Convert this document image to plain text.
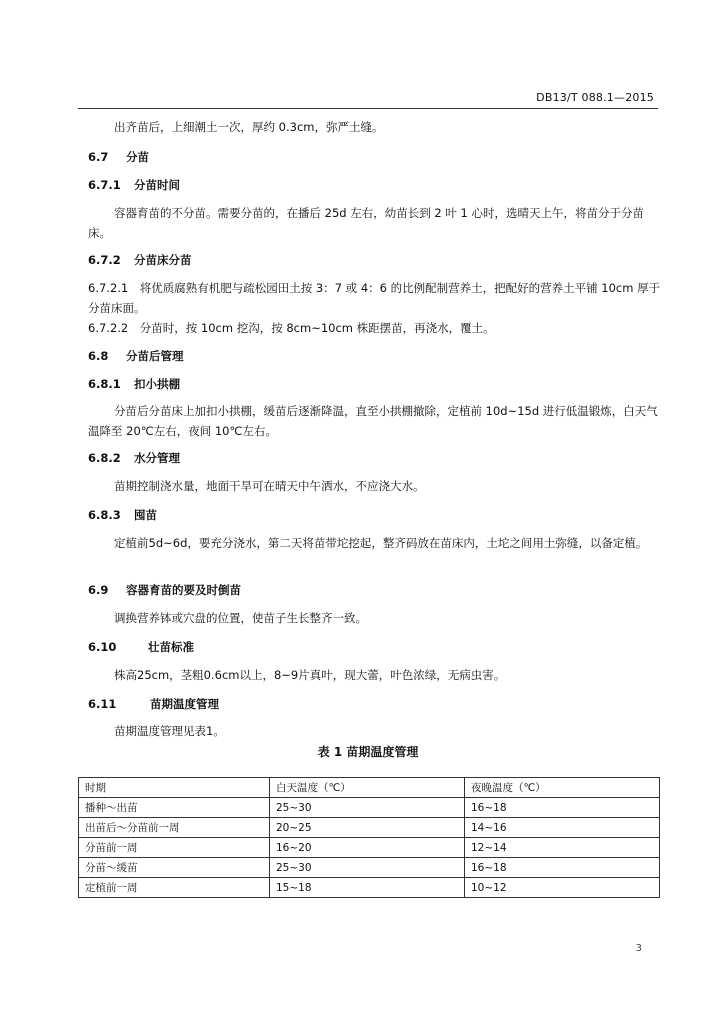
DB13/T 088.1—2015
出齐苗后，上细潮土一次，厚约 0.3cm，弥严土缝。
6.7 分苗
6.7.1 分苗时间
容器育苗的不分苗。需要分苗的，在播后 25d 左右，幼苗长到 2 叶 1 心时，选晴天上午，将苗分于分苗床。
6.7.2 分苗床分苗
6.7.2.1　将优质腐熟有机肥与疏松园田土按 3：7 或 4：6 的比例配制营养土，把配好的营养土平铺 10cm 厚于分苗床面。
6.7.2.2　分苗时，按 10cm 挖沟，按 8cm~10cm 株距摆苗，再浇水，覆土。
6.8 分苗后管理
6.8.1 扣小拱棚
分苗后分苗床上加扣小拱棚，缓苗后逐渐降温，直至小拱棚撤除，定植前 10d~15d 进行低温锻炼，白天气温降至 20℃左右，夜间 10℃左右。
6.8.2 水分管理
苗期控制浇水量，地面干旱可在晴天中午洒水，不应浇大水。
6.8.3 囤苗
定植前5d~6d，要充分浇水，第二天将苗带坨挖起，整齐码放在苗床内，土坨之间用土弥缝，以备定植。
6.9 容器育苗的要及时倒苗
调换营养钵或穴盘的位置，使苗子生长整齐一致。
6.10	壮苗标准
株高25cm，茎粗0.6cm以上，8~9片真叶，现大蕾，叶色浓绿，无病虫害。
6.11	苗期温度管理
苗期温度管理见表1。
表 1 苗期温度管理
时期	白天温度（℃）	夜晚温度（℃）
播种～出苗	25~30	16~18
出苗后～分苗前一周	20~25	14~16
分苗前一周	16~20	12~14
分苗～缓苗	25~30	16~18
定植前一周	15~18	10~12
3
